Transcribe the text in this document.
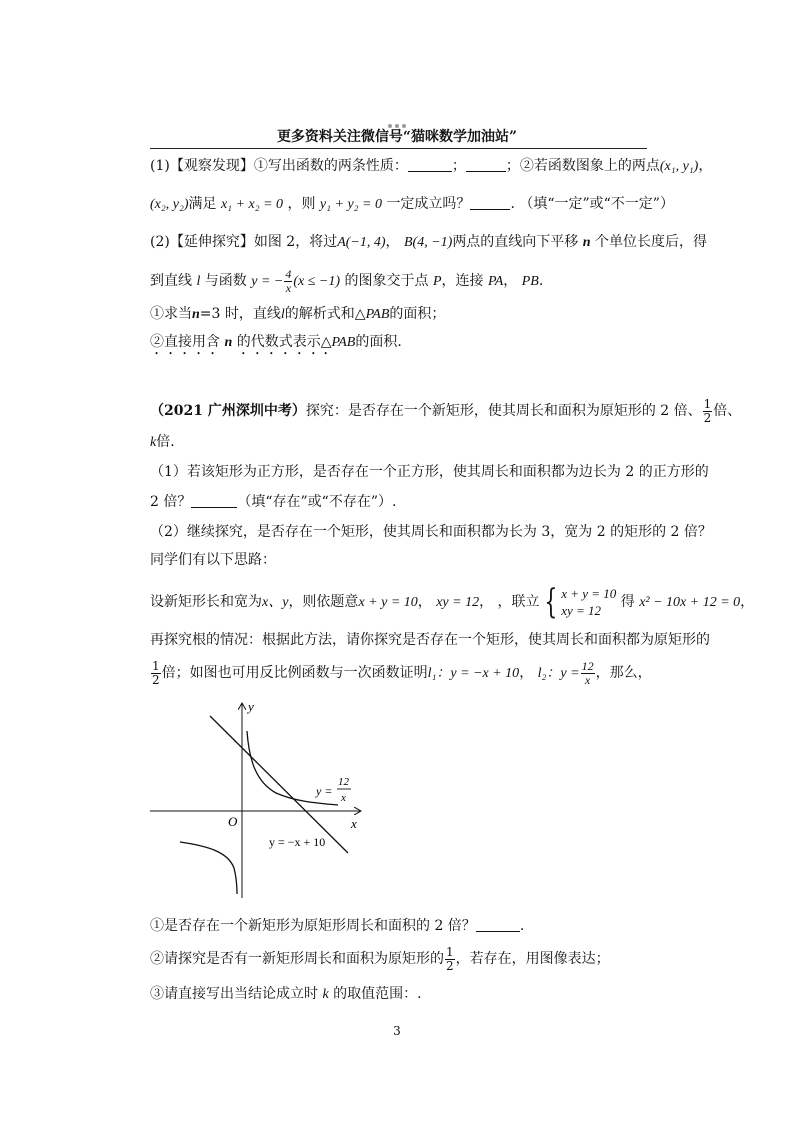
更多资料关注微信号“猫咪数学加油站”
(1)【观察发现】①写出函数的两条性质：	；	；②若函数图象上的两点(x₁, y₁)，
(x₂, y₂)满足 x₁ + x₂ = 0 ，则 y₁ + y₂ = 0 一定成立吗？	. （填“一定”或“不一定”）
(2)【延伸探究】如图 2，将过A(−1, 4)， B(4, −1)两点的直线向下平移 n 个单位长度后，得
到直线 l 与函数 y = − $\frac{4}{x} (x \le -1)$ 的图象交于点 P，连接 PA， PB.
①求当n=3 时，直线l的解析式和△PAB的面积；
②直接用含 n 的代数式表示△PAB的面积.
（2021 广州深圳中考）探究：是否存在一个新矩形，使其周长和面积为原矩形的 2 倍、 $\frac{1}{2}$ 倍、
k倍.
（1）若该矩形为正方形，是否存在一个正方形，使其周长和面积都为边长为 2 的正方形的
2 倍？	（填“存在”或“不存在”）.
（2）继续探究，是否存在一个矩形，使其周长和面积都为长为 3，宽为 2 的矩形的 2 倍？
同学们有以下思路：
设新矩形长和宽为x、y，则依题意x + y = 10， xy = 12， ，联立 { x + y = 10
xy = 12
得 x² − 10x + 12 = 0，
再探究根的情况：根据此方法，请你探究是否存在一个矩形，使其周长和面积都为原矩形的
$\frac{1}{2}$ 倍；如图也可用反比例函数与一次函数证明l₁：y = −x + 10， l₂：$y = \frac{12}{x}$ ，那么，
y
x
O
y =
12
x
y = −x + 10
①是否存在一个新矩形为原矩形周长和面积的 2 倍？	.
②请探究是否有一新矩形周长和面积为原矩形的 $\frac{1}{2}$ ，若存在，用图像表达；
③请直接写出当结论成立时 k 的取值范围：.
3
